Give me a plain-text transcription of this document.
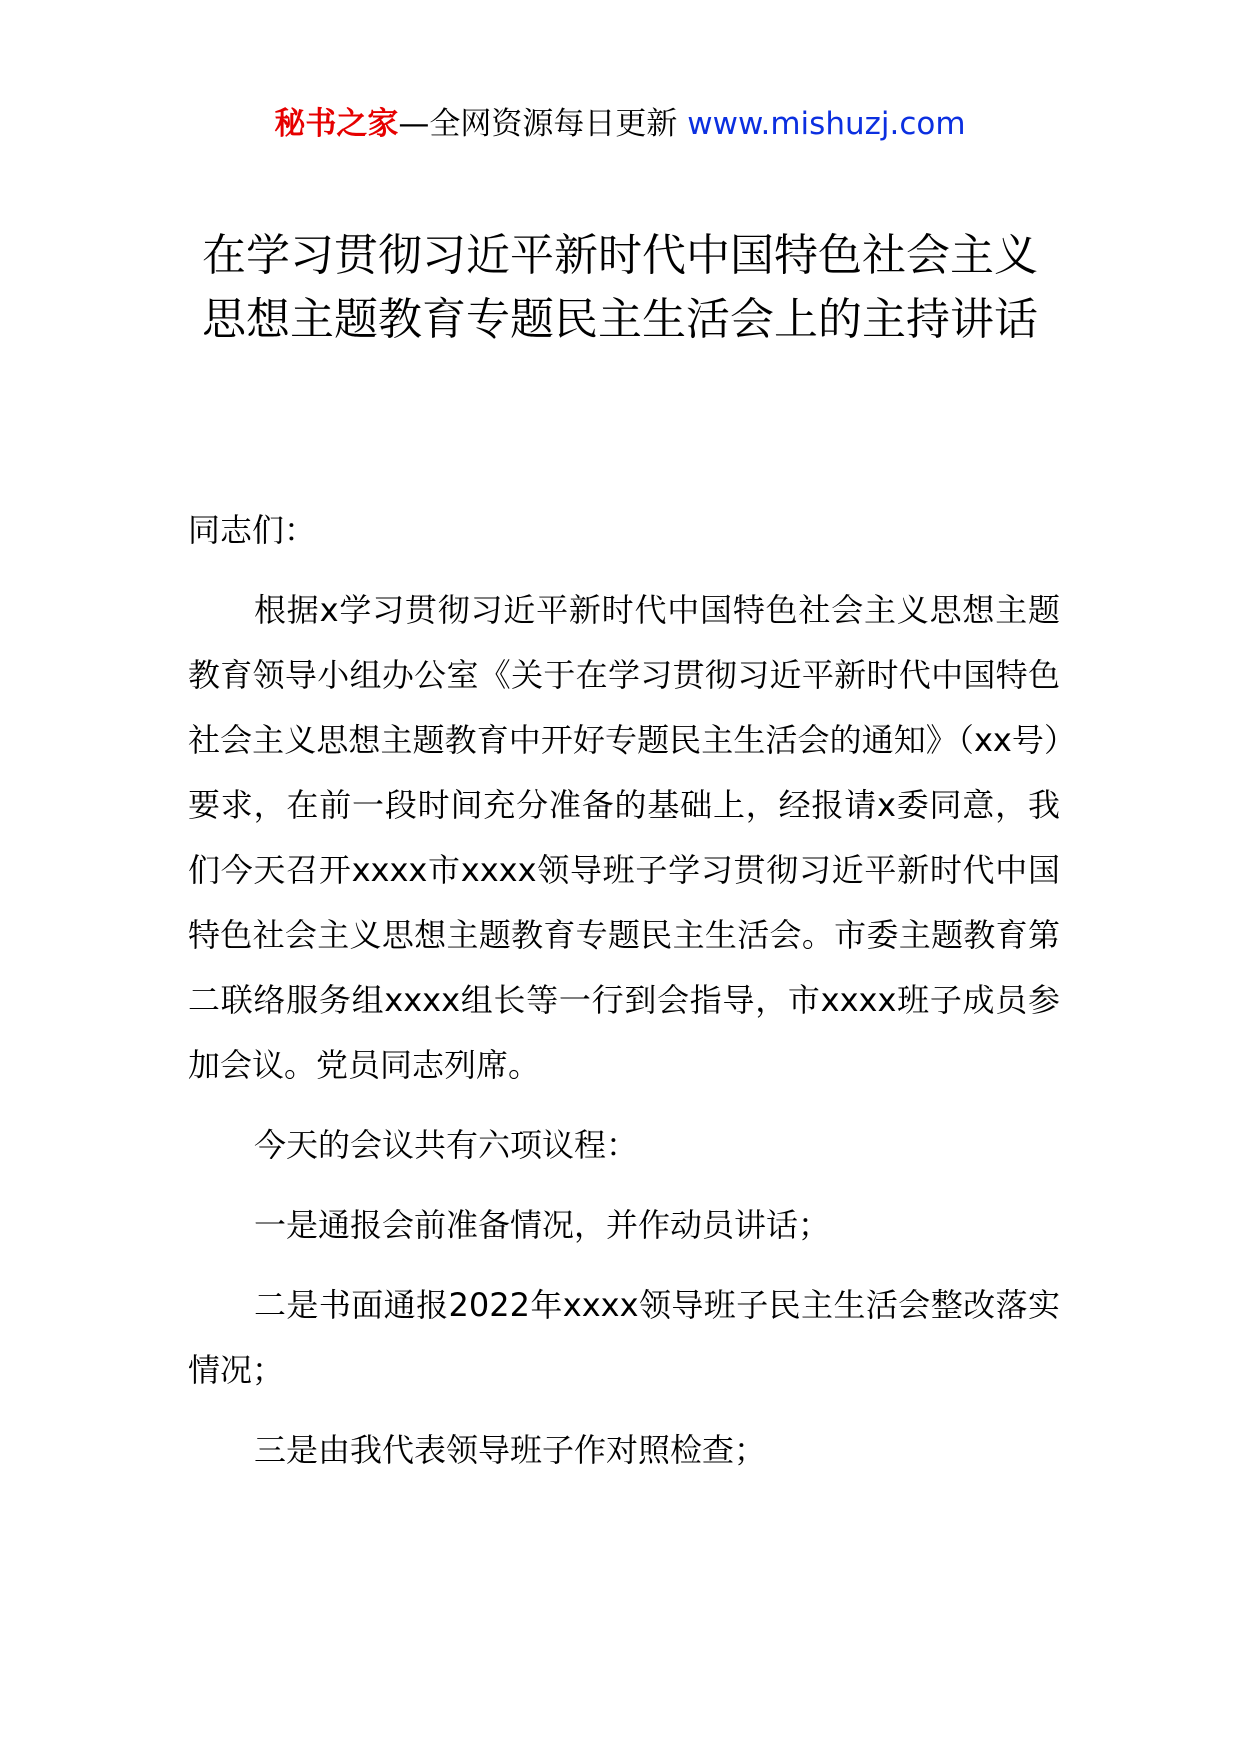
秘书之家—全网资源每日更新 www.mishuzj.com
在学习贯彻习近平新时代中国特色社会主义思想主题教育专题民主生活会上的主持讲话

同志们：

根据x学习贯彻习近平新时代中国特色社会主义思想主题教育领导小组办公室《关于在学习贯彻习近平新时代中国特色社会主义思想主题教育中开好专题民主生活会的通知》（xx号）要求，在前一段时间充分准备的基础上，经报请x委同意，我们今天召开xxxx市xxxx领导班子学习贯彻习近平新时代中国特色社会主义思想主题教育专题民主生活会。市委主题教育第二联络服务组xxxx组长等一行到会指导，市xxxx班子成员参加会议。党员同志列席。

今天的会议共有六项议程：

一是通报会前准备情况，并作动员讲话；

二是书面通报2022年xxxx领导班子民主生活会整改落实情况；

三是由我代表领导班子作对照检查；
